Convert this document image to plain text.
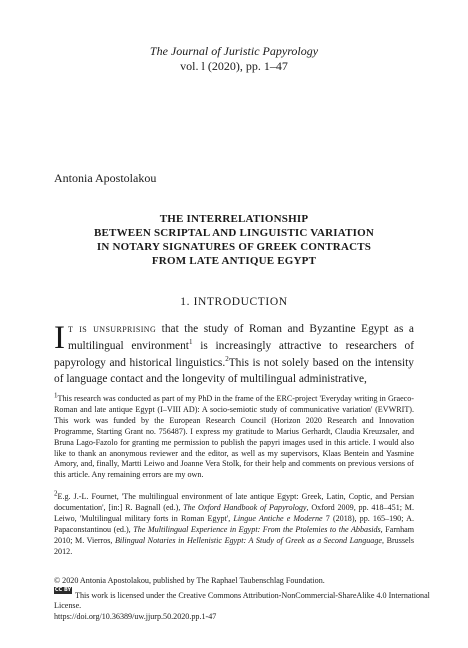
The Journal of Juristic Papyrology
vol. l (2020), pp. 1–47
Antonia Apostolakou
THE INTERRELATIONSHIP
BETWEEN SCRIPTAL AND LINGUISTIC VARIATION
IN NOTARY SIGNATURES OF GREEK CONTRACTS
FROM LATE ANTIQUE EGYPT
1. INTRODUCTION
It is unsurprising that the study of Roman and Byzantine Egypt as a multilingual environment$^1$ is increasingly attractive to researchers of papyrology and historical linguistics.$^2$This is not solely based on the intensity of language contact and the longevity of multilingual administrative,
1This research was conducted as part of my PhD in the frame of the ERC-project 'Everyday writing in Graeco-Roman and late antique Egypt (I–VIII AD): A socio-semiotic study of communicative variation' (EVWRIT). This work was funded by the European Research Council (Horizon 2020 Research and Innovation Programme, Starting Grant no. 756487). I express my gratitude to Marius Gerhardt, Claudia Kreuzsaler, and Bruna Lago-Fazolo for granting me permission to publish the papyri images used in this article. I would also like to thank an anonymous reviewer and the editor, as well as my supervisors, Klaas Bentein and Yasmine Amory, and, finally, Martti Leiwo and Joanne Vera Stolk, for their help and comments on previous versions of this article. Any remaining errors are my own.
2E.g. J.-L. Fournet, 'The multilingual environment of late antique Egypt: Greek, Latin, Coptic, and Persian documentation', [in:] R. Bagnall (ed.), The Oxford Handbook of Papyrology, Oxford 2009, pp. 418–451; M. Leiwo, 'Multilingual military forts in Roman Egypt', Lingue Antiche e Moderne 7 (2018), pp. 165–190; A. Papaconstantinou (ed.), The Multilingual Experience in Egypt: From the Ptolemies to the Abbasids, Farnham 2010; M. Vierros, Bilingual Notaries in Hellenistic Egypt: A Study of Greek as a Second Language, Brussels 2012.
© 2020 Antonia Apostolakou, published by The Raphael Taubenschlag Foundation.
CC BY NC SA This work is licensed under the Creative Commons Attribution-NonCommercial-ShareAlike 4.0 International License.
https://doi.org/10.36389/uw.jjurp.50.2020.pp.1-47
